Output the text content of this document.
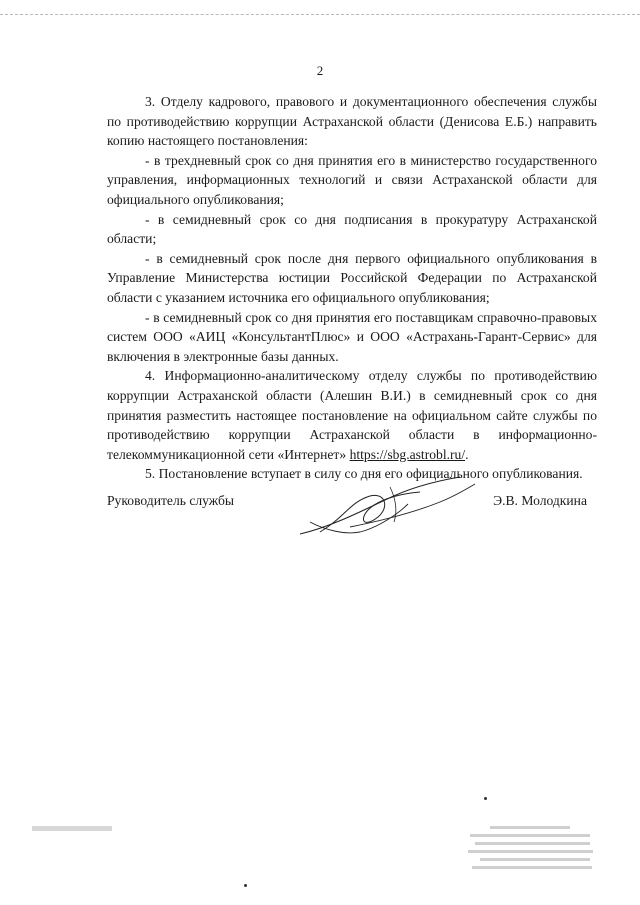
2

3. Отделу кадрового, правового и документационного обеспечения службы по противодействию коррупции Астраханской области (Денисова Е.Б.) направить копию настоящего постановления:

- в трехдневный срок со дня принятия его в министерство государственного управления, информационных технологий и связи Астраханской области для официального опубликования;

- в семидневный срок со дня подписания в прокуратуру Астраханской области;

- в семидневный срок после дня первого официального опубликования в Управление Министерства юстиции Российской Федерации по Астраханской области с указанием источника его официального опубликования;

- в семидневный срок со дня принятия его поставщикам справочно-правовых систем ООО «АИЦ «КонсультантПлюс» и ООО «Астрахань-Гарант-Сервис» для включения в электронные базы данных.

4. Информационно-аналитическому отделу службы по противодействию коррупции Астраханской области (Алешин В.И.) в семидневный срок со дня принятия разместить настоящее постановление на официальном сайте службы по противодействию коррупции Астраханской области в информационно-телекоммуникационной сети «Интернет» https://sbg.astrobl.ru/.

5. Постановление вступает в силу со дня его официального опубликования.

Руководитель службы	Э.В. Молодкина
